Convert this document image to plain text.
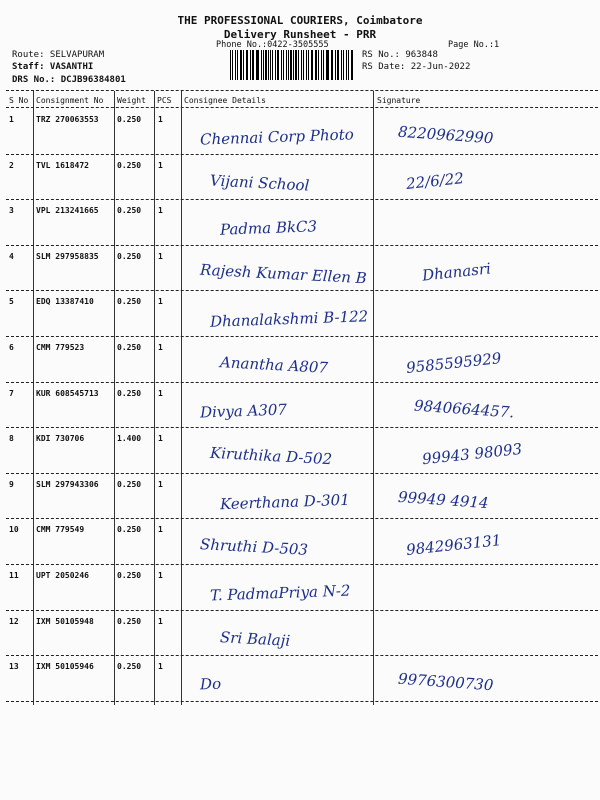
THE PROFESSIONAL COURIERS, Coimbatore
Delivery Runsheet - PRR
Phone No.:0422-3505555	Page No.:1
Route: SELVAPURAM
Staff: VASANTHI
DRS No.: DCJB96384801
RS No.: 963848
RS Date: 22-Jun-2022
S No Consignment No Weight PCS Consignee Details	Signature
1	TRZ 270063553 0.250 1
Chennai Corp Photo	8220962990
2	TVL 1618472	0.250 1
Vijani School	22/6/22
3	VPL 213241665 0.250 1
Padma BkC3
4	SLM 297958835 0.250 1
Rajesh Kumar Ellen B	Dhanasri
5	EDQ 13387410	0.250 1
Dhanalakshmi B-122
6	CMM 779523	0.250 1
Anantha A807	9585595929
7	KUR 608545713 0.250 1
Divya A307	9840664457.
8	KDI 730706	1.400 1
Kiruthika D-502	99943 98093
9	SLM 297943306 0.250 1
Keerthana D-301	99949 4914
10 CMM 779549	0.250 1
Shruthi D-503	9842963131
11 UPT 2050246	0.250 1
T. PadmaPriya N-2
12 IXM 50105948	0.250 1
Sri Balaji
13 IXM 50105946	0.250 1
Do	9976300730
